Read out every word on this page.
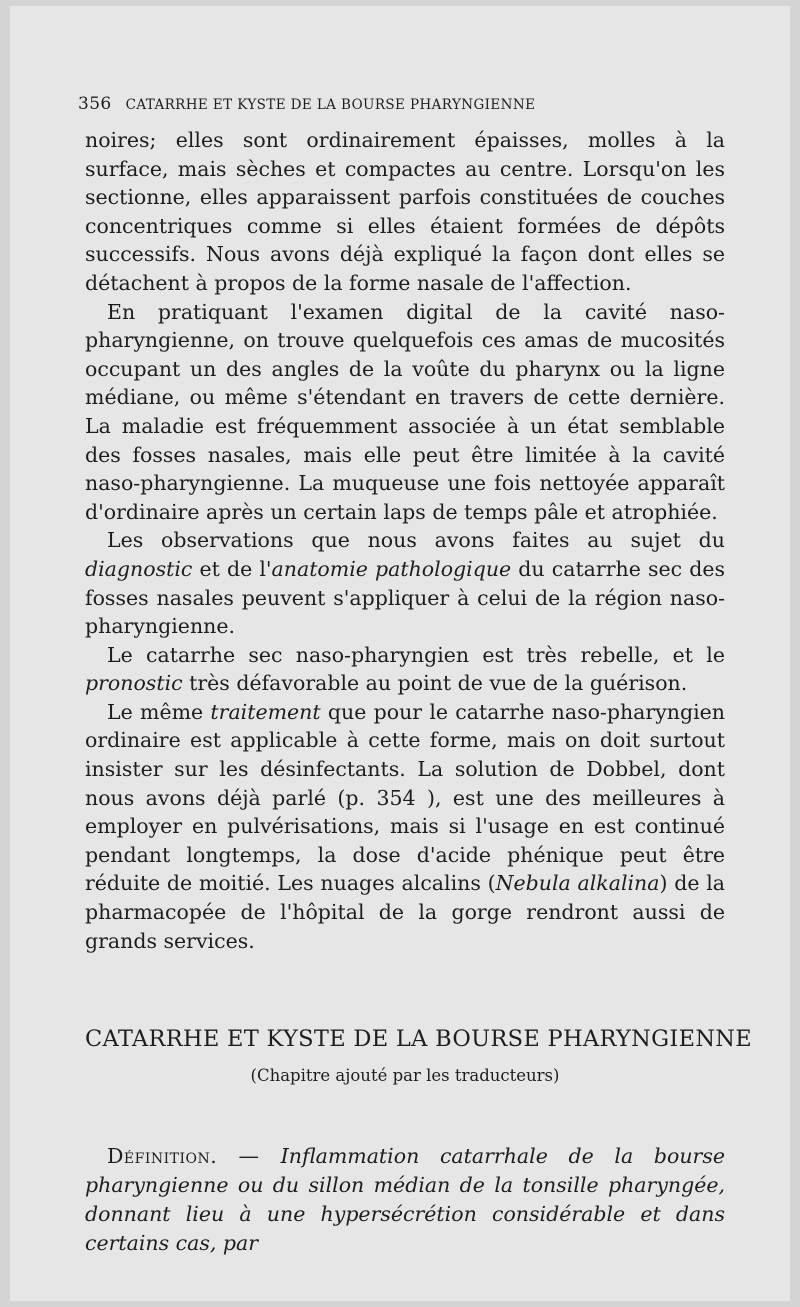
356 CATARRHE ET KYSTE DE LA BOURSE PHARYNGIENNE

noires; elles sont ordinairement épaisses, molles à la surface, mais sèches et compactes au centre. Lorsqu'on les sectionne, elles apparaissent parfois constituées de couches concentriques comme si elles étaient formées de dépôts successifs. Nous avons déjà expliqué la façon dont elles se détachent à propos de la forme nasale de l'affection.

En pratiquant l'examen digital de la cavité naso-pharyngienne, on trouve quelquefois ces amas de mucosités occupant un des angles de la voûte du pharynx ou la ligne médiane, ou même s'étendant en travers de cette dernière. La maladie est fréquemment associée à un état semblable des fosses nasales, mais elle peut être limitée à la cavité naso-pharyngienne. La muqueuse une fois nettoyée apparaît d'ordinaire après un certain laps de temps pâle et atrophiée.

Les observations que nous avons faites au sujet du diagnostic et de l'anatomie pathologique du catarrhe sec des fosses nasales peuvent s'appliquer à celui de la région naso-pharyngienne.

Le catarrhe sec naso-pharyngien est très rebelle, et le pronostic très défavorable au point de vue de la guérison.

Le même traitement que pour le catarrhe naso-pharyngien ordinaire est applicable à cette forme, mais on doit surtout insister sur les désinfectants. La solution de Dobbel, dont nous avons déjà parlé (p. 354 ), est une des meilleures à employer en pulvérisations, mais si l'usage en est continué pendant longtemps, la dose d'acide phénique peut être réduite de moitié. Les nuages alcalins (Nebula alkalina) de la pharmacopée de l'hôpital de la gorge rendront aussi de grands services.

CATARRHE ET KYSTE DE LA BOURSE PHARYNGIENNE
(Chapitre ajouté par les traducteurs)

Définition. — Inflammation catarrhale de la bourse pharyngienne ou du sillon médian de la tonsille pharyngée, donnant lieu à une hypersécrétion considérable et dans certains cas, par
